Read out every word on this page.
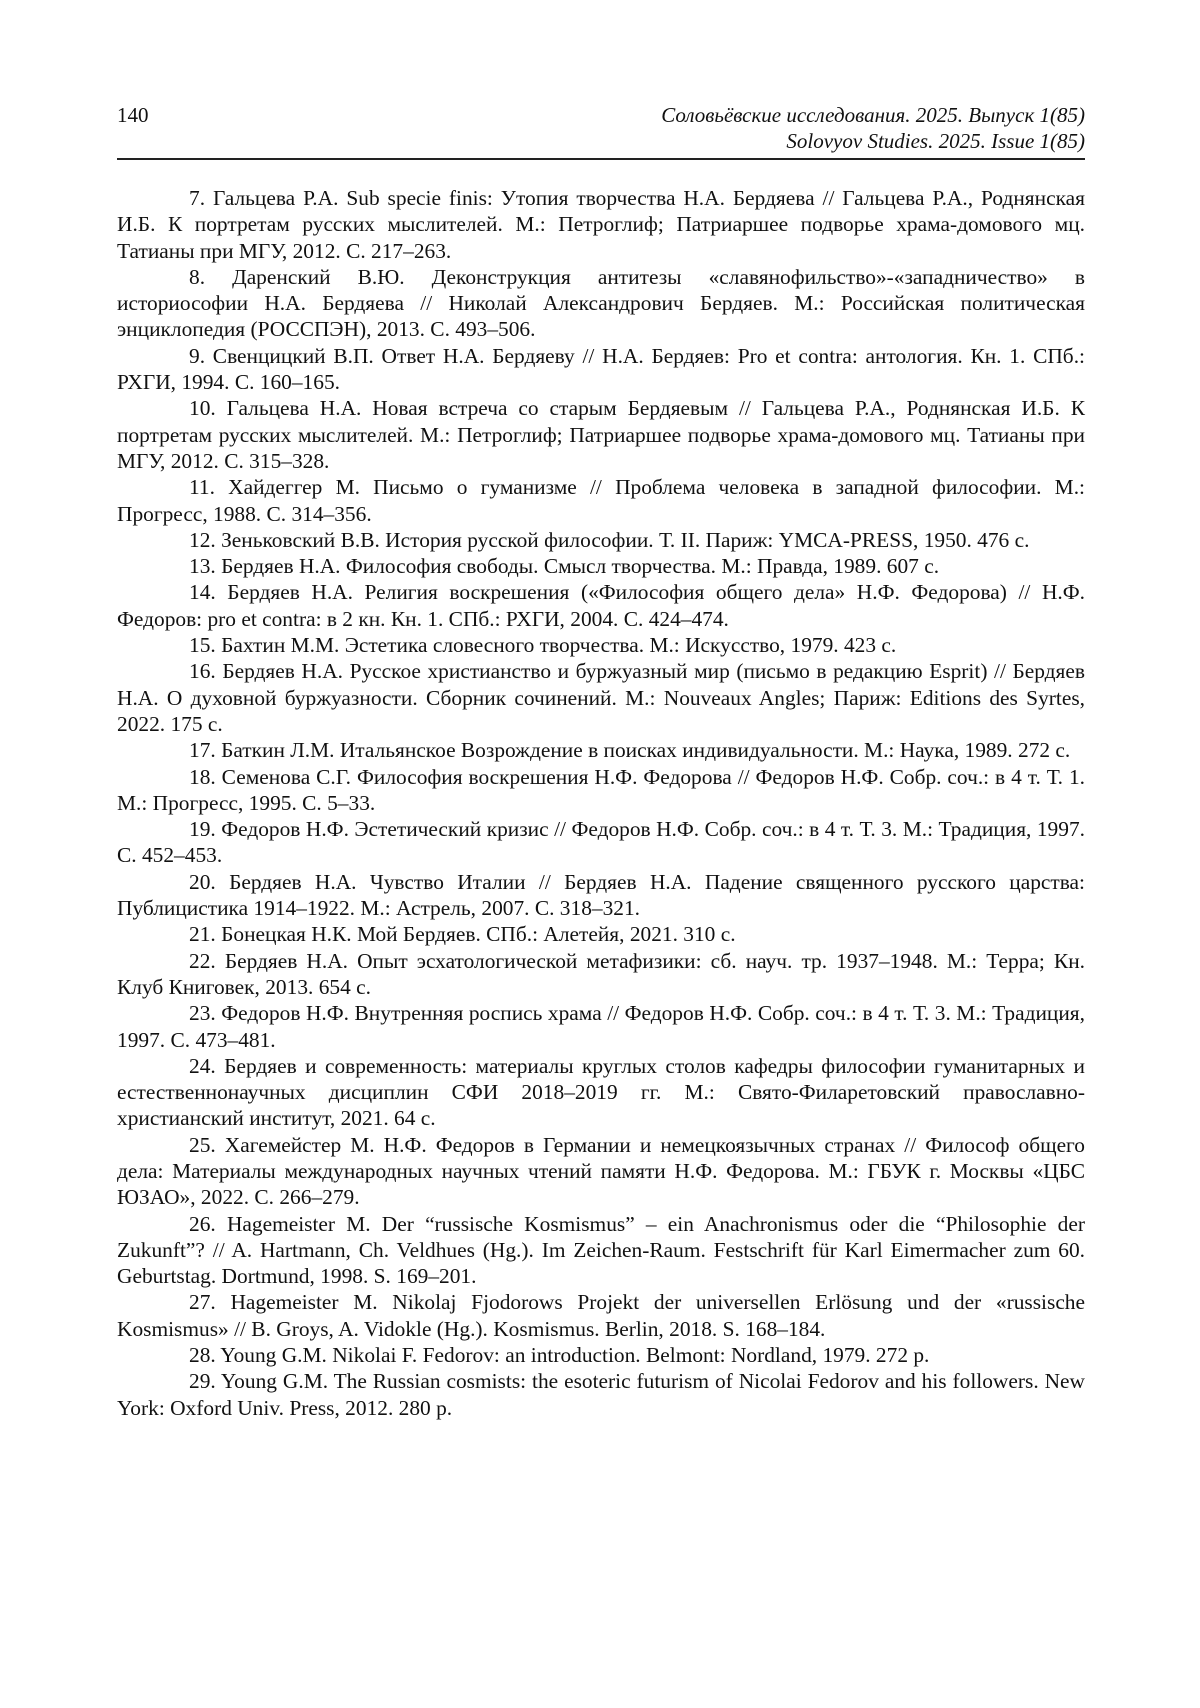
140	Соловьёвские исследования. 2025. Выпуск 1(85)
Solovyov Studies. 2025. Issue 1(85)

7. Гальцева Р.А. Sub specie finis: Утопия творчества Н.А. Бердяева // Гальцева Р.А., Роднянская И.Б. К портретам русских мыслителей. М.: Петроглиф; Патриаршее подворье храма-домового мц. Татианы при МГУ, 2012. С. 217–263.

8. Даренский В.Ю. Деконструкция антитезы «славянофильство»-«западничество» в историософии Н.А. Бердяева // Николай Александрович Бердяев. М.: Российская политическая энциклопедия (РОССПЭН), 2013. С. 493–506.

9. Свенцицкий В.П. Ответ Н.А. Бердяеву // Н.А. Бердяев: Pro et contra: антология. Кн. 1. СПб.: РХГИ, 1994. С. 160–165.

10. Гальцева Н.А. Новая встреча со старым Бердяевым // Гальцева Р.А., Роднянская И.Б. К портретам русских мыслителей. М.: Петроглиф; Патриаршее подворье храма-домового мц. Татианы при МГУ, 2012. С. 315–328.

11. Хайдеггер М. Письмо о гуманизме // Проблема человека в западной философии. М.: Прогресс, 1988. С. 314–356.

12. Зеньковский В.В. История русской философии. Т. II. Париж: YMCA-PRESS, 1950. 476 с.

13. Бердяев Н.А. Философия свободы. Смысл творчества. М.: Правда, 1989. 607 с.

14. Бердяев Н.А. Религия воскрешения («Философия общего дела» Н.Ф. Федорова) // Н.Ф. Федоров: pro et contra: в 2 кн. Кн. 1. СПб.: РХГИ, 2004. С. 424–474.

15. Бахтин М.М. Эстетика словесного творчества. М.: Искусство, 1979. 423 с.

16. Бердяев Н.А. Русское христианство и буржуазный мир (письмо в редакцию Esprit) // Бердяев Н.А. О духовной буржуазности. Сборник сочинений. М.: Nouveaux Angles; Париж: Editions des Syrtes, 2022. 175 с.

17. Баткин Л.М. Итальянское Возрождение в поисках индивидуальности. М.: Наука, 1989. 272 с.

18. Семенова С.Г. Философия воскрешения Н.Ф. Федорова // Федоров Н.Ф. Собр. соч.: в 4 т. Т. 1. М.: Прогресс, 1995. С. 5–33.

19. Федоров Н.Ф. Эстетический кризис // Федоров Н.Ф. Собр. соч.: в 4 т. Т. 3. М.: Традиция, 1997. С. 452–453.

20. Бердяев Н.А. Чувство Италии // Бердяев Н.А. Падение священного русского царства: Публицистика 1914–1922. М.: Астрель, 2007. С. 318–321.

21. Бонецкая Н.К. Мой Бердяев. СПб.: Алетейя, 2021. 310 с.

22. Бердяев Н.А. Опыт эсхатологической метафизики: сб. науч. тр. 1937–1948. М.: Терра; Кн. Клуб Книговек, 2013. 654 с.

23. Федоров Н.Ф. Внутренняя роспись храма // Федоров Н.Ф. Собр. соч.: в 4 т. Т. 3. М.: Традиция, 1997. С. 473–481.

24. Бердяев и современность: материалы круглых столов кафедры философии гуманитарных и естественнонаучных дисциплин СФИ 2018–2019 гг. М.: Свято-Филаретовский православно-христианский институт, 2021. 64 с.

25. Хагемейстер М. Н.Ф. Федоров в Германии и немецкоязычных странах // Философ общего дела: Материалы международных научных чтений памяти Н.Ф. Федорова. М.: ГБУК г. Москвы «ЦБС ЮЗАО», 2022. С. 266–279.

26. Hagemeister M. Der “russische Kosmismus” – ein Anachronismus oder die “Philosophie der Zukunft”? // A. Hartmann, Ch. Veldhues (Hg.). Im Zeichen-Raum. Festschrift für Karl Eimermacher zum 60. Geburtstag. Dortmund, 1998. S. 169–201.

27. Hagemeister M. Nikolaj Fjodorows Projekt der universellen Erlösung und der «russische Kosmismus» // B. Groys, A. Vidokle (Hg.). Kosmismus. Berlin, 2018. S. 168–184.

28. Young G.M. Nikolai F. Fedorov: an introduction. Belmont: Nordland, 1979. 272 p.

29. Young G.M. The Russian cosmists: the esoteric futurism of Nicolai Fedorov and his followers. New York: Oxford Univ. Press, 2012. 280 p.
